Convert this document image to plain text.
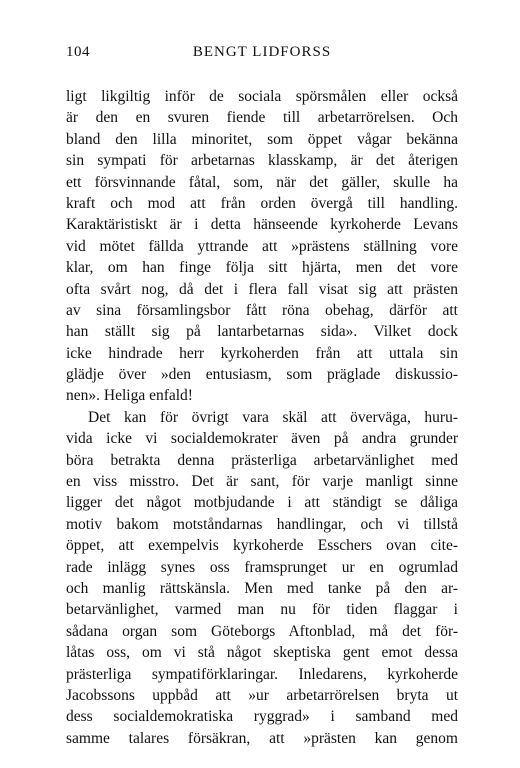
104	BENGT LIDFORSS
ligt likgiltig inför de sociala spörsmålen eller också
är den en svuren fiende till arbetarrörelsen. Och
bland den lilla minoritet, som öppet vågar bekänna
sin sympati för arbetarnas klasskamp, är det återigen
ett försvinnande fåtal, som, när det gäller, skulle ha
kraft och mod att från orden övergå till handling.
Karaktäristiskt är i detta hänseende kyrkoherde Levans
vid mötet fällda yttrande att »prästens ställning vore
klar, om han finge följa sitt hjärta, men det vore
ofta svårt nog, då det i flera fall visat sig att prästen
av sina församlingsbor fått röna obehag, därför att
han ställt sig på lantarbetarnas sida». Vilket dock
icke hindrade herr kyrkoherden från att uttala sin
glädje över »den entusiasm, som präglade diskussio-
nen». Heliga enfald!
Det kan för övrigt vara skäl att överväga, huru-
vida icke vi socialdemokrater även på andra grunder
böra betrakta denna prästerliga arbetarvänlighet med
en viss misstro. Det är sant, för varje manligt sinne
ligger det något motbjudande i att ständigt se dåliga
motiv bakom motståndarnas handlingar, och vi tillstå
öppet, att exempelvis kyrkoherde Esschers ovan cite-
rade inlägg synes oss framsprunget ur en ogrumlad
och manlig rättskänsla. Men med tanke på den ar-
betarvänlighet, varmed man nu för tiden flaggar i
sådana organ som Göteborgs Aftonblad, må det för-
låtas oss, om vi stå något skeptiska gent emot dessa
prästerliga sympatiförklaringar. Inledarens, kyrkoherde
Jacobssons uppbåd att »ur arbetarrörelsen bryta ut
dess socialdemokratiska ryggrad» i samband med
samme talares försäkran, att »prästen kan genom
